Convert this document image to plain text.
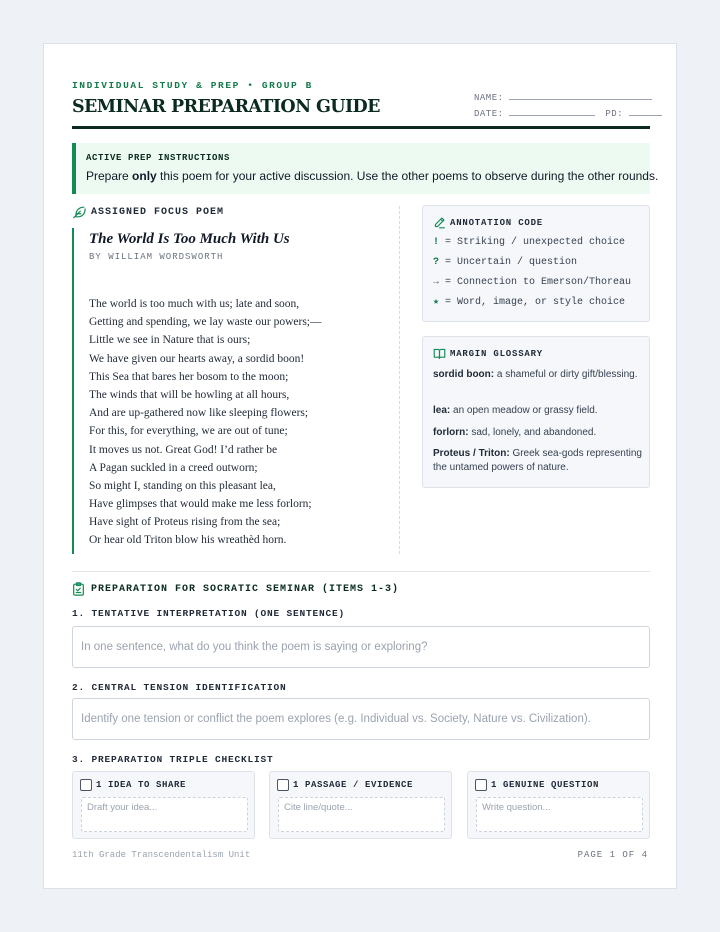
INDIVIDUAL STUDY & PREP • GROUP B
SEMINAR PREPARATION GUIDE	NAME:
DATE:	PD:
ACTIVE PREP INSTRUCTIONS
Prepare only this poem for your active discussion. Use the other poems to observe during the other rounds.
ASSIGNED FOCUS POEM
The World Is Too Much With Us
BY WILLIAM WORDSWORTH
The world is too much with us; late and soon,
Getting and spending, we lay waste our powers;—
Little we see in Nature that is ours;
We have given our hearts away, a sordid boon!
This Sea that bares her bosom to the moon;
The winds that will be howling at all hours,
And are up-gathered now like sleeping flowers;
For this, for everything, we are out of tune;
It moves us not. Great God! I’d rather be
A Pagan suckled in a creed outworn;
So might I, standing on this pleasant lea,
Have glimpses that would make me less forlorn;
Have sight of Proteus rising from the sea;
Or hear old Triton blow his wreathèd horn.
ANNOTATION CODE
! = Striking / unexpected choice
? = Uncertain / question
→ = Connection to Emerson/Thoreau
★ = Word, image, or style choice
MARGIN GLOSSARY
sordid boon: a shameful or dirty gift/blessing.
lea: an open meadow or grassy field.
forlorn: sad, lonely, and abandoned.
Proteus / Triton: Greek sea-gods representing the untamed powers of nature.
PREPARATION FOR SOCRATIC SEMINAR (ITEMS 1-3)
1. TENTATIVE INTERPRETATION (ONE SENTENCE)
In one sentence, what do you think the poem is saying or exploring?
2. CENTRAL TENSION IDENTIFICATION
Identify one tension or conflict the poem explores (e.g. Individual vs. Society, Nature vs. Civilization).
3. PREPARATION TRIPLE CHECKLIST
1 IDEA TO SHARE
Draft your idea...	1 PASSAGE / EVIDENCE
Cite line/quote...	1 GENUINE QUESTION
Write question...
11th Grade Transcendentalism Unit	PAGE 1 OF 4
